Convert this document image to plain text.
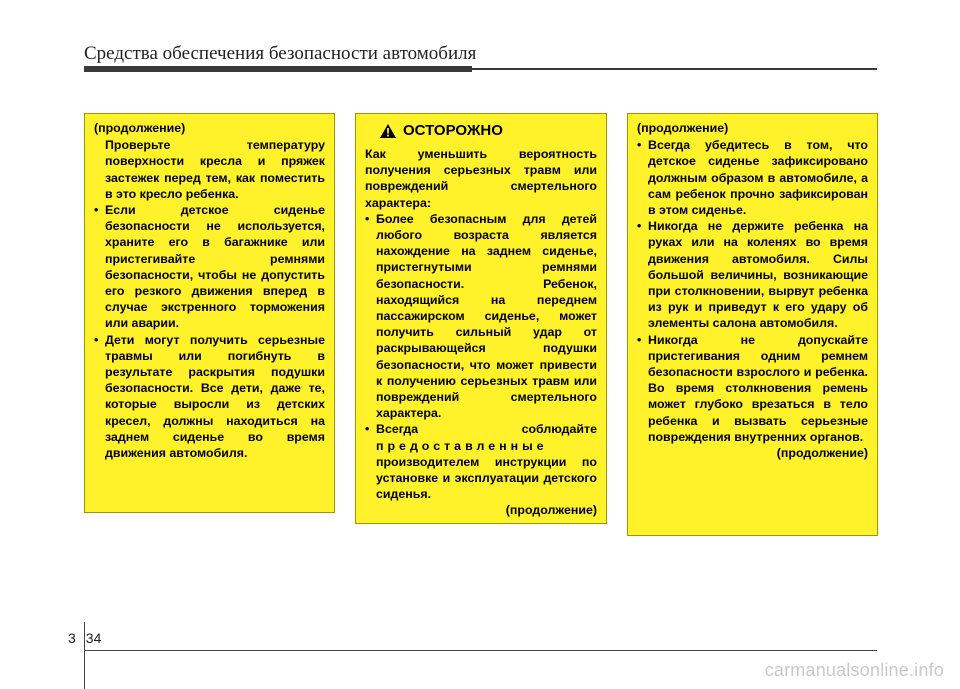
Средства обеспечения безопасности автомобиля
(продолжение)
Проверьте температуру поверхности кресла и пряжек застежек перед тем, как поместить в это кресло ребенка.
• Если детское сиденье безопасности не используется, храните его в багажнике или пристегивайте ремнями безопасности, чтобы не допустить его резкого движения вперед в случае экстренного торможения или аварии.
• Дети могут получить серьезные травмы или погибнуть в результате раскрытия подушки безопасности. Все дети, даже те, которые выросли из детских кресел, должны находиться на заднем сиденье во время движения автомобиля.
ОСТОРОЖНО
Как уменьшить вероятность получения серьезных травм или повреждений смертельного характера:
• Более безопасным для детей любого возраста является нахождение на заднем сиденье, пристегнутыми ремнями безопасности. Ребенок, находящийся на переднем пассажирском сиденье, может получить сильный удар от раскрывающейся подушки безопасности, что может привести к получению серьезных травм или повреждений смертельного характера.
• Всегда соблюдайте
предоставленные
производителем инструкции по установке и эксплуатации детского сиденья.
(продолжение)
(продолжение)
• Всегда убедитесь в том, что детское сиденье зафиксировано должным образом в автомобиле, а сам ребенок прочно зафиксирован в этом сиденье.
• Никогда не держите ребенка на руках или на коленях во время движения автомобиля. Силы большой величины, возникающие при столкновении, вырвут ребенка из рук и приведут к его удару об элементы салона автомобиля.
• Никогда не допускайте пристегивания одним ремнем безопасности взрослого и ребенка. Во время столкновения ремень может глубоко врезаться в тело ребенка и вызвать серьезные повреждения внутренних органов.
(продолжение)
3 34
carmanualsonline.info
